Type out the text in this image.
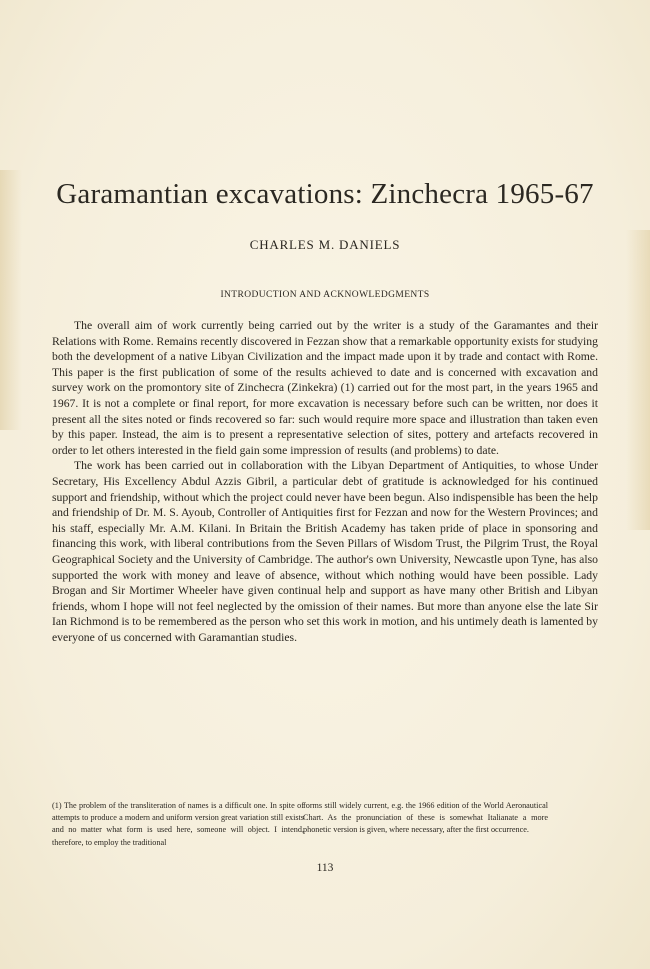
Garamantian excavations: Zinchecra 1965-67
CHARLES M. DANIELS
INTRODUCTION AND ACKNOWLEDGMENTS

The overall aim of work currently being carried out by the writer is a study of the Garamantes and their Relations with Rome. Remains recently discovered in Fezzan show that a remarkable opportunity exists for studying both the development of a native Libyan Civilization and the impact made upon it by trade and contact with Rome. This paper is the first publication of some of the results achieved to date and is concerned with excavation and survey work on the promontory site of Zinchecra (Zinkekra) (1) carried out for the most part, in the years 1965 and 1967. It is not a complete or final report, for more excavation is necessary before such can be written, nor does it present all the sites noted or finds recovered so far: such would require more space and illustration than taken even by this paper. Instead, the aim is to present a representative selection of sites, pottery and artefacts recovered in order to let others interested in the field gain some impression of results (and problems) to date.

The work has been carried out in collaboration with the Libyan Department of Antiquities, to whose Under Secretary, His Excellency Abdul Azzis Gibril, a particular debt of gratitude is acknowledged for his continued support and friendship, without which the project could never have been begun. Also indispensible has been the help and friendship of Dr. M. S. Ayoub, Controller of Antiquities first for Fezzan and now for the Western Provinces; and his staff, especially Mr. A.M. Kilani. In Britain the British Academy has taken pride of place in sponsoring and financing this work, with liberal contributions from the Seven Pillars of Wisdom Trust, the Pilgrim Trust, the Royal Geographical Society and the University of Cambridge. The author's own University, Newcastle upon Tyne, has also supported the work with money and leave of absence, without which nothing would have been possible. Lady Brogan and Sir Mortimer Wheeler have given continual help and support as have many other British and Libyan friends, whom I hope will not feel neglected by the omission of their names. But more than anyone else the late Sir Ian Richmond is to be remembered as the person who set this work in motion, and his untimely death is lamented by everyone of us concerned with Garamantian studies.

(1) The problem of the transliteration of names is a difficult one. In spite of attempts to produce a modern and uniform version great variation still exists and no matter what form is used here, someone will object. I intend, therefore, to employ the traditional
forms still widely current, e.g. the 1966 edition of the World Aeronautical Chart. As the pronunciation of these is somewhat Italianate a more phonetic version is given, where necessary, after the first occurrence.
113
